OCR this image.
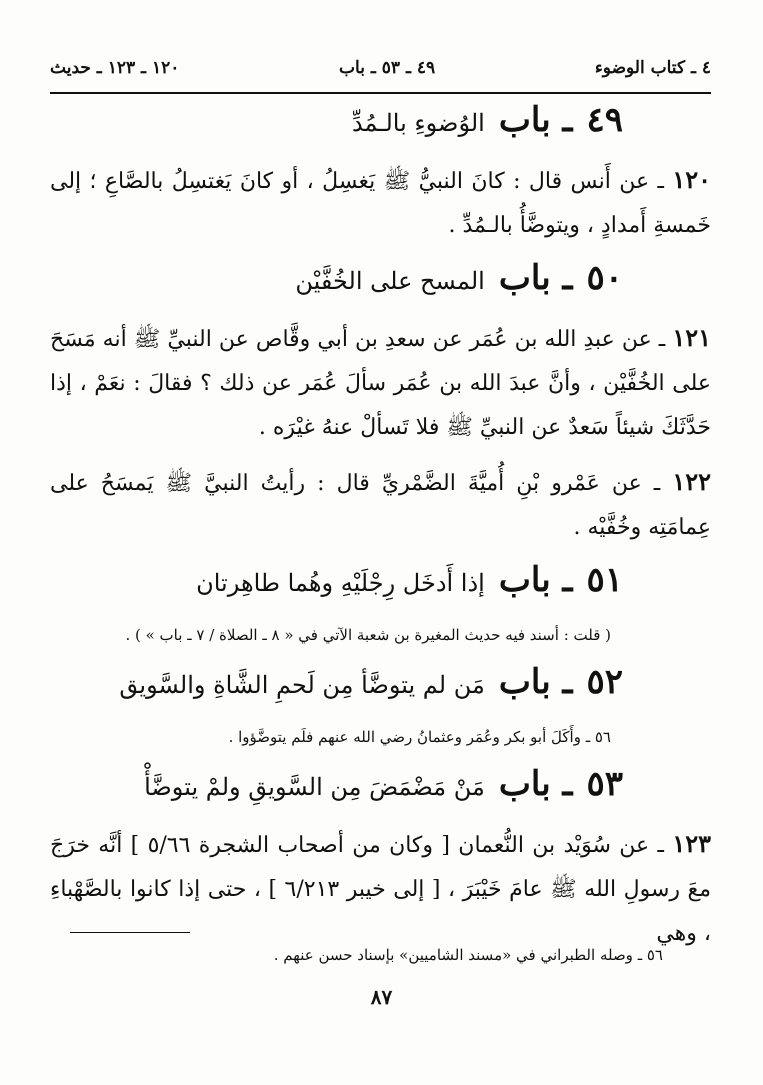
٤ ـ كتاب الوضوء
٤٩ ـ ٥٣ ـ باب
١٢٠ ـ ١٢٣ ـ حديث
٤٩
ـ باب
الوُضوءِ بالـمُدِّ

١٢٠ ـ عن أَنس قال : كانَ النبيُّ ﷺ يَغسِلُ ، أو كانَ يَغتسِلُ بالصَّاعِ ؛ إلى خَمسةِ أَمدادٍ ، ويتوضَّأُ بالـمُدِّ .

٥٠
ـ باب
المسح على الخُفَّيْن

١٢١ ـ عن عبدِ الله بن عُمَر عن سعدِ بن أبي وقَّاص عن النبيِّ ﷺ أنه مَسَحَ على الخُفَّيْن ، وأنَّ عبدَ الله بن عُمَر سألَ عُمَر عن ذلك ؟ فقالَ : نعَمْ ، إذا حَدَّثَكَ شيئاً سَعدٌ عن النبيِّ ﷺ فلا تَسألْ عنهُ غيْرَه .

١٢٢ ـ عن عَمْرو بْنِ أُميَّةَ الضَّمْريِّ قال : رأيتُ النبيَّ ﷺ يَمسَحُ على عِمامَتِه وخُفَّيْه .

٥١
ـ باب
إذا أَدخَل رِجْلَيْهِ وهُما طاهِرتان

( قلت : أسند فيه حديث المغيرة بن شعبة الآتي في « ٨ ـ الصلاة / ٧ ـ باب » ) .

٥٢
ـ باب
مَن لم يتوضَّأ مِن لَحمِ الشَّاةِ والسَّويق

٥٦ ـ وأَكَلَ أبو بكر وعُمَر وعثمانُ رضي الله عنهم فلَم يتوضَّؤوا .

٥٣
ـ باب
مَنْ مَضْمَضَ مِن السَّويقِ ولمْ يتوضَّأْ

١٢٣ ـ عن سُوَيْد بن النُّعمان [ وكان من أصحاب الشجرة ٥/٦٦ ] أنَّه خرَجَ معَ رسولِ الله ﷺ عامَ خَيْبَرَ ، [ إلى خيبر ٦/٢١٣ ] ، حتى إذا كانوا بالصَّهْباءِ ، وهي

٥٦ ـ وصله الطبراني في «مسند الشاميين» بإسناد حسن عنهم .
٨٧
